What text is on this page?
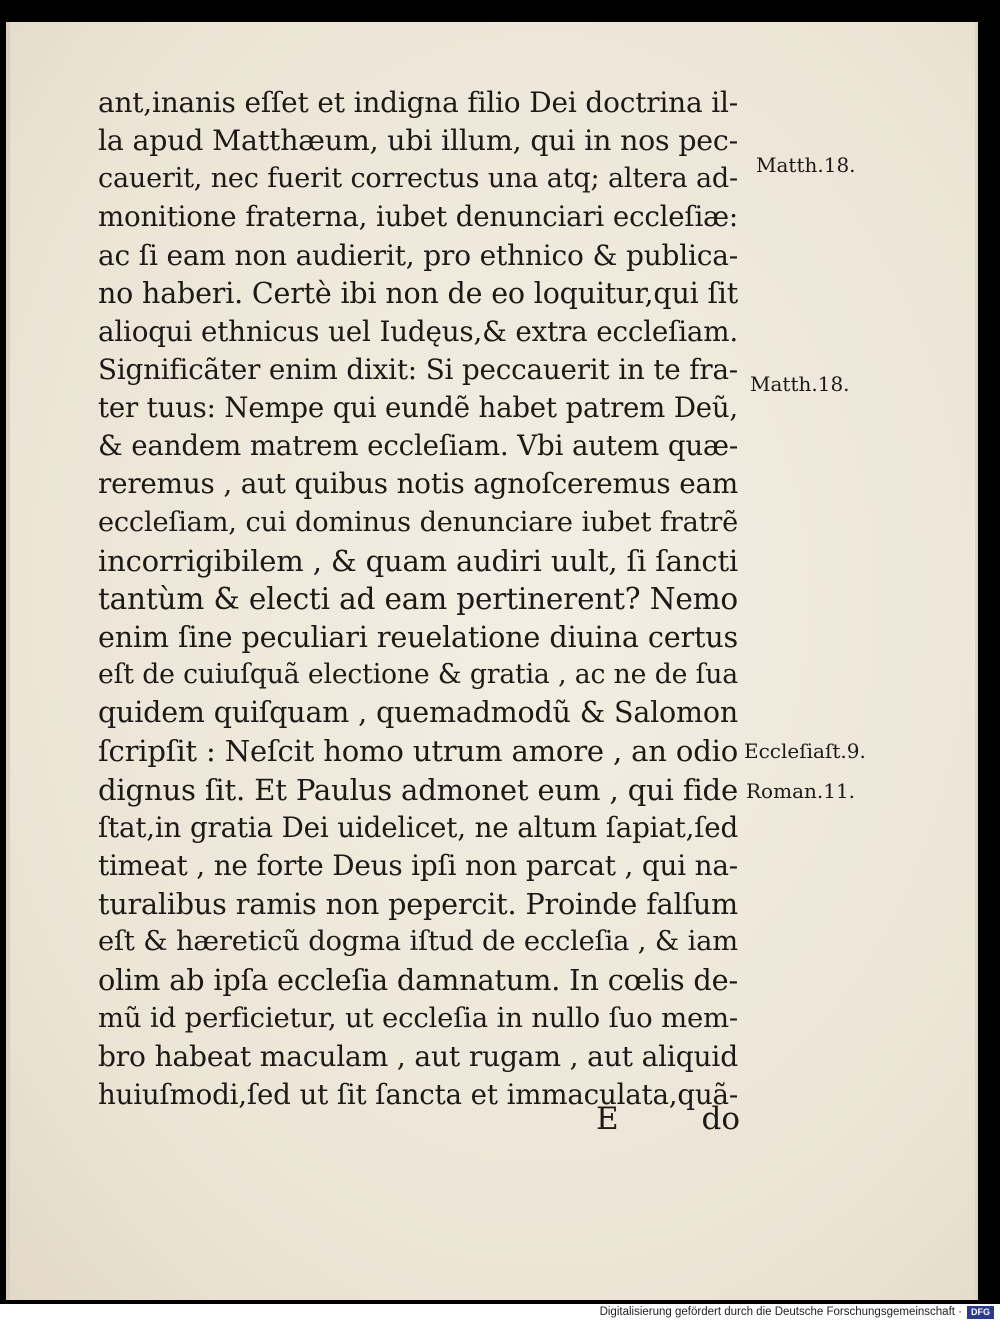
ant,inanis eſſet et indigna filio Dei doctrina il-
la apud Matthæum, ubi illum, qui in nos pec-
cauerit, nec fuerit correctus una atq; altera ad-
monitione fraterna, iubet denunciari eccleſiæ:
ac ſi eam non audierit, pro ethnico & publica-
no haberi. Certè ibi non de eo loquitur,qui ſit
alioqui ethnicus uel Iudęus,& extra eccleſiam.
Significãter enim dixit: Si peccauerit in te fra-
ter tuus: Nempe qui eundẽ habet patrem Deũ,
& eandem matrem eccleſiam. Vbi autem quæ-
reremus , aut quibus notis agnoſceremus eam
eccleſiam, cui dominus denunciare iubet fratrẽ
incorrigibilem , & quam audiri uult, ſi ſancti
tantùm & electi ad eam pertinerent? Nemo
enim ſine peculiari reuelatione diuina certus
eſt de cuiuſquã electione & gratia , ac ne de ſua
quidem quiſquam , quemadmodũ & Salomon
ſcripſit : Neſcit homo utrum amore , an odio
dignus ſit. Et Paulus admonet eum , qui fide
ſtat,in gratia Dei uidelicet, ne altum ſapiat,ſed
timeat , ne forte Deus ipſi non parcat , qui na-
turalibus ramis non pepercit. Proinde falſum
eſt & hæreticũ dogma iſtud de eccleſia , & iam
olim ab ipſa eccleſia damnatum. In cœlis de-
mũ id perficietur, ut eccleſia in nullo ſuo mem-
bro habeat maculam , aut rugam , aut aliquid
huiuſmodi,ſed ut ſit ſancta et immaculata,quã-
E	do
Matth.18.
Matth.18.
Eccleſiaſt.9.
Roman.11.
Digitalisierung gefördert durch die Deutsche Forschungsgemeinschaft ·	DFG
